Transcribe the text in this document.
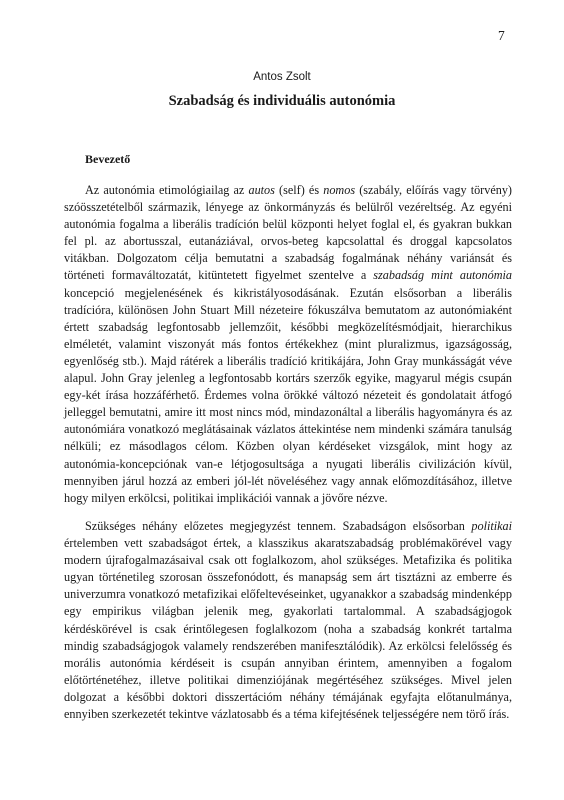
7
Antos Zsolt
Szabadság és individuális autonómia
Bevezető

Az autonómia etimológiailag az autos (self) és nomos (szabály, előírás vagy törvény) szóösszetételből származik, lényege az önkormányzás és belülről vezéreltség. Az egyéni autonómia fogalma a liberális tradíción belül központi helyet foglal el, és gyakran bukkan fel pl. az abortusszal, eutanáziával, orvos-beteg kapcsolattal és droggal kapcsolatos vitákban. Dolgozatom célja bemutatni a szabadság fogalmának néhány variánsát és történeti formaváltozatát, kitüntetett figyelmet szentelve a szabadság mint autonómia koncepció megjelenésének és kikristályosodásának. Ezután elsősorban a liberális tradícióra, különösen John Stuart Mill nézeteire fókuszálva bemutatom az autonómiaként értett szabadság legfontosabb jellemzőit, későbbi megközelítésmódjait, hierarchikus elméletét, valamint viszonyát más fontos értékekhez (mint pluralizmus, igazságosság, egyenlőség stb.). Majd rátérek a liberális tradíció kritikájára, John Gray munkásságát véve alapul. John Gray jelenleg a legfontosabb kortárs szerzők egyike, magyarul mégis csupán egy-két írása hozzáférhető. Érdemes volna örökké változó nézeteit és gondolatait átfogó jelleggel bemutatni, amire itt most nincs mód, mindazonáltal a liberális hagyományra és az autonómiára vonatkozó meglátásainak vázlatos áttekintése nem mindenki számára tanulság nélküli; ez másodlagos célom. Közben olyan kérdéseket vizsgálok, mint hogy az autonómia-koncepciónak van-e létjogosultsága a nyugati liberális civilizáción kívül, mennyiben járul hozzá az emberi jól-lét növeléséhez vagy annak előmozdításához, illetve hogy milyen erkölcsi, politikai implikációi vannak a jövőre nézve.

Szükséges néhány előzetes megjegyzést tennem. Szabadságon elsősorban politikai értelemben vett szabadságot értek, a klasszikus akaratszabadság problémakörével vagy modern újrafogalmazásaival csak ott foglalkozom, ahol szükséges. Metafizika és politika ugyan történetileg szorosan összefonódott, és manapság sem árt tisztázni az emberre és univerzumra vonatkozó metafizikai előfeltevéseinket, ugyanakkor a szabadság mindenképp egy empirikus világban jelenik meg, gyakorlati tartalommal. A szabadságjogok kérdéskörével is csak érintőlegesen foglalkozom (noha a szabadság konkrét tartalma mindig szabadságjogok valamely rendszerében manifesztálódik). Az erkölcsi felelősség és morális autonómia kérdéseit is csupán annyiban érintem, amennyiben a fogalom előtörténetéhez, illetve politikai dimenziójának megértéséhez szükséges. Mivel jelen dolgozat a későbbi doktori disszertációm néhány témájának egyfajta előtanulmánya, ennyiben szerkezetét tekintve vázlatosabb és a téma kifejtésének teljességére nem törő írás.
